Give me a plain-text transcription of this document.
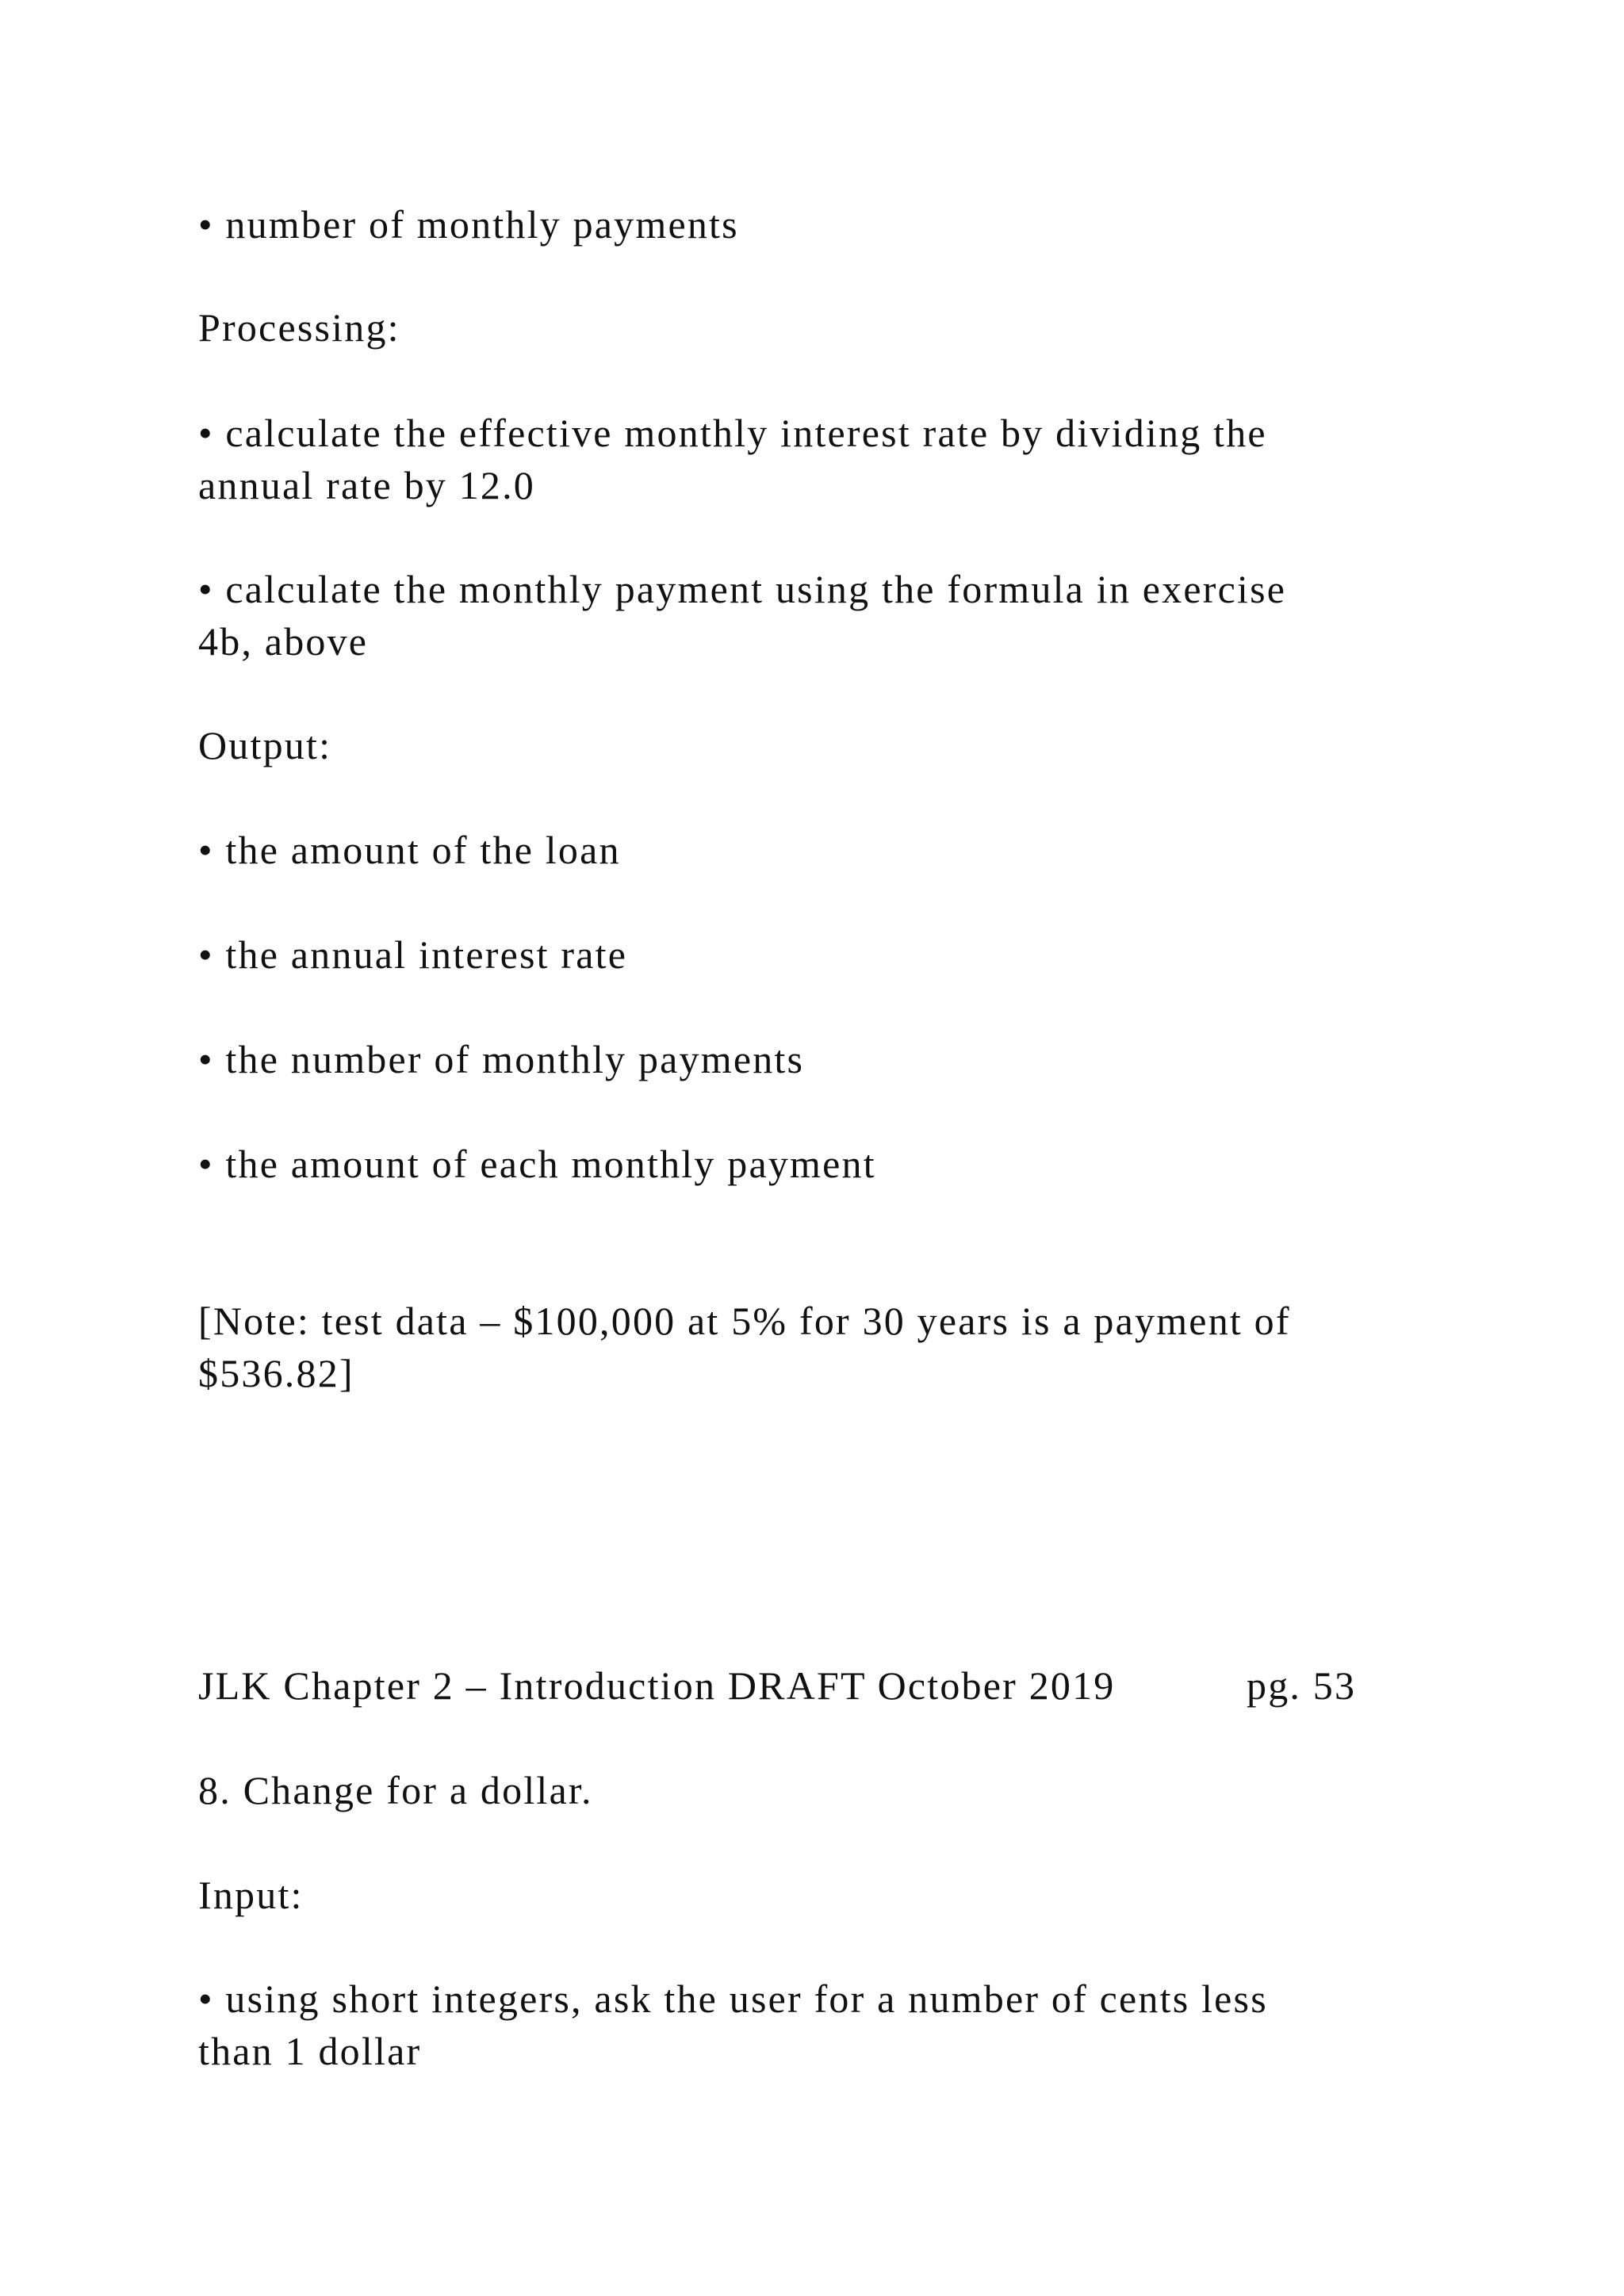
• number of monthly payments

Processing:

• calculate the effective monthly interest rate by dividing the

annual rate by 12.0

• calculate the monthly payment using the formula in exercise

4b, above

Output:

• the amount of the loan

• the annual interest rate

• the number of monthly payments

• the amount of each monthly payment

[Note: test data – $100,000 at 5% for 30 years is a payment of

$536.82]

JLK Chapter 2 – Introduction DRAFT October 2019	pg. 53

8. Change for a dollar.

Input:

• using short integers, ask the user for a number of cents less

than 1 dollar
